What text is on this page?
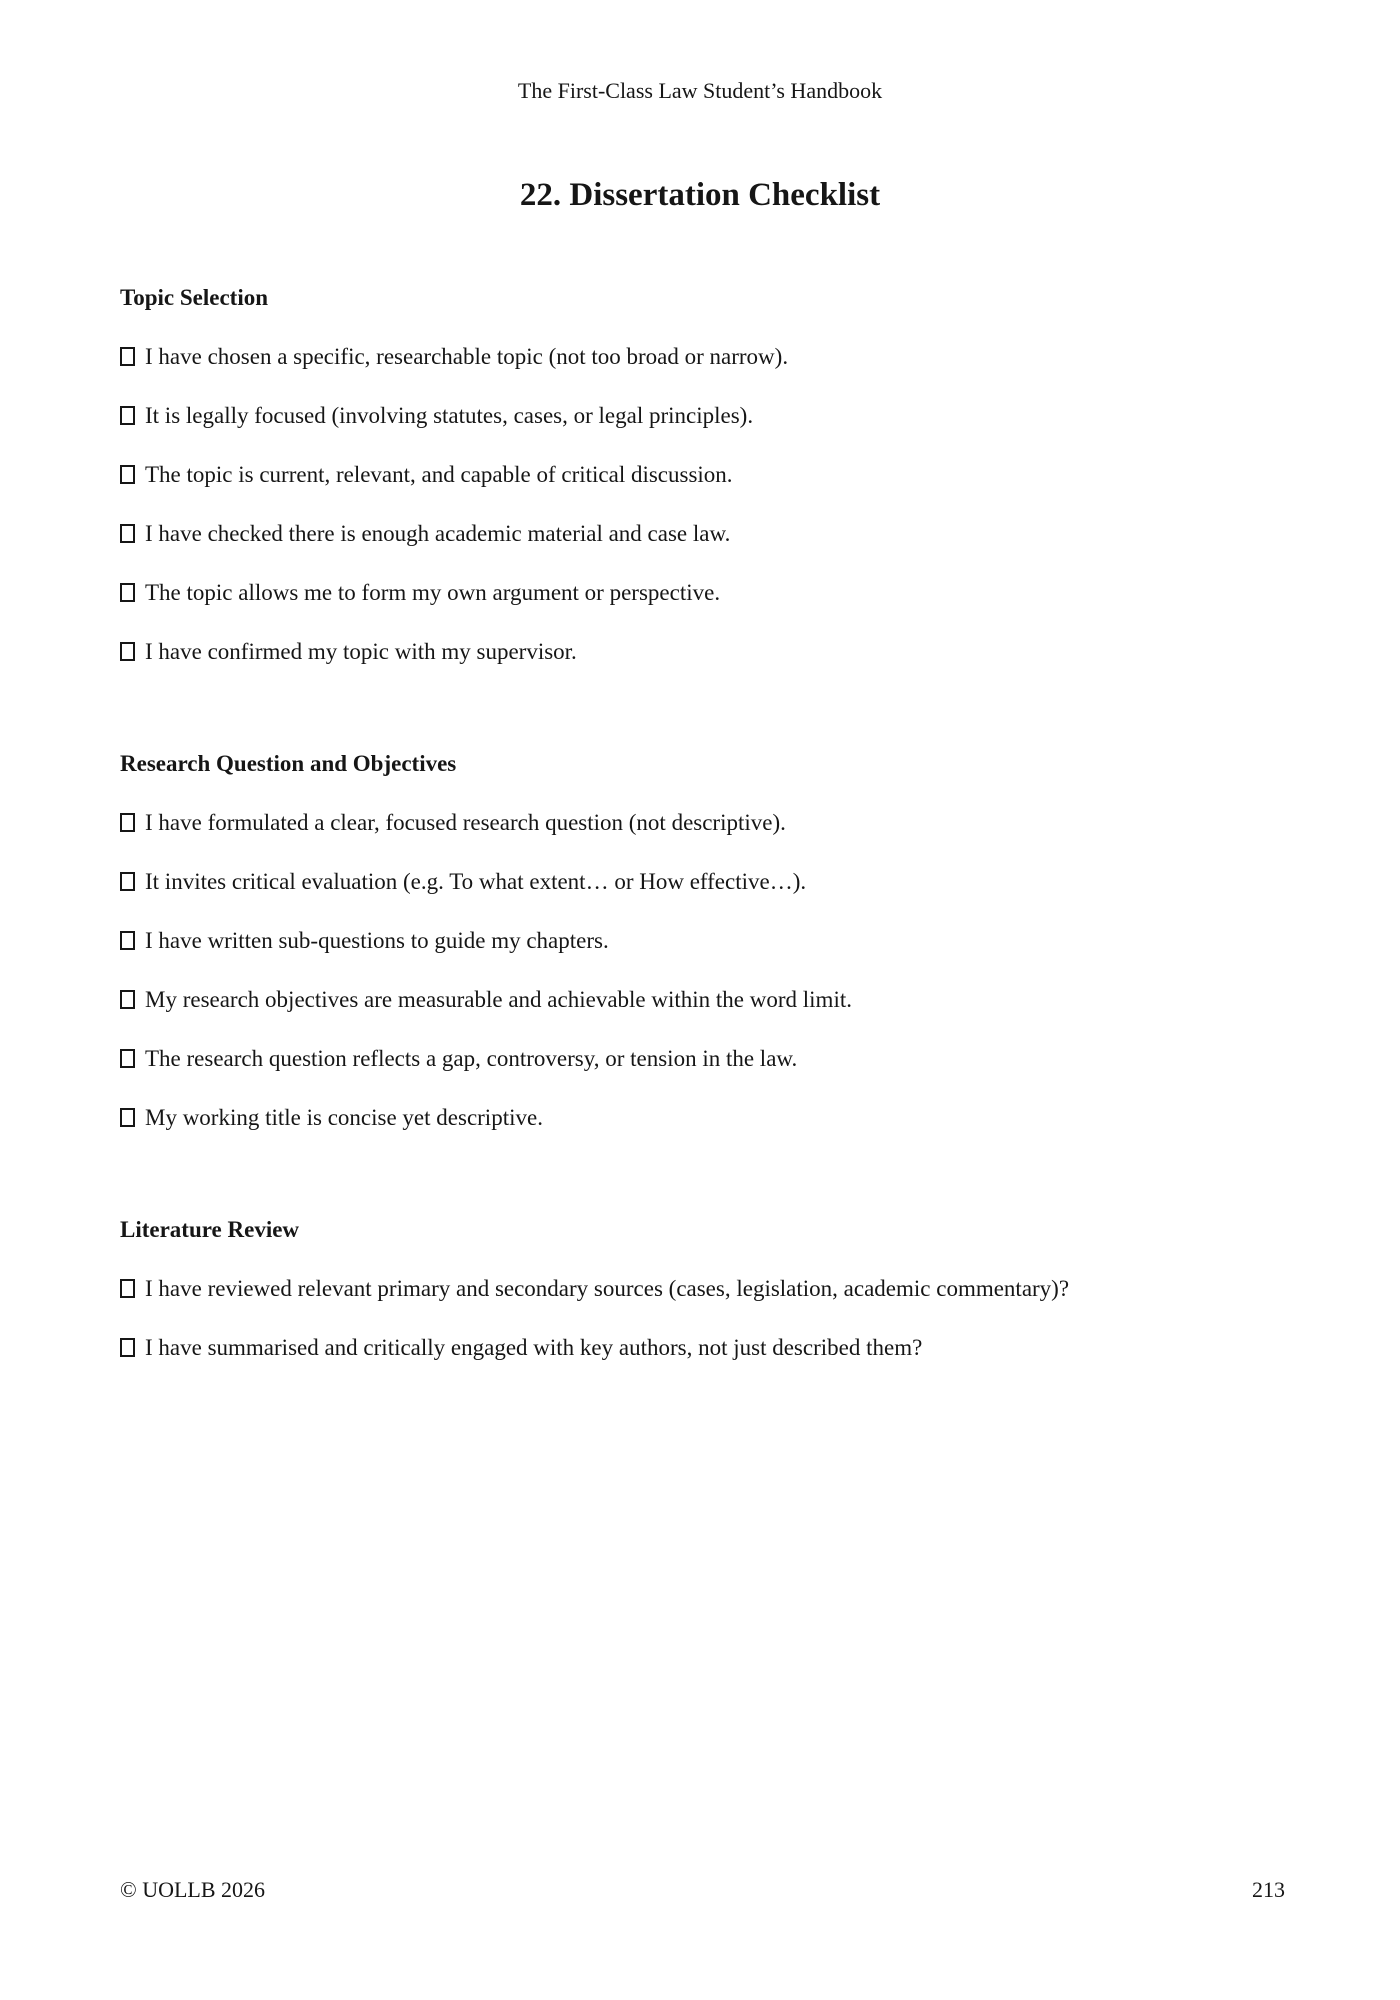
The First-Class Law Student’s Handbook
22. Dissertation Checklist
Topic Selection

I have chosen a specific, researchable topic (not too broad or narrow).

It is legally focused (involving statutes, cases, or legal principles).

The topic is current, relevant, and capable of critical discussion.

I have checked there is enough academic material and case law.

The topic allows me to form my own argument or perspective.

I have confirmed my topic with my supervisor.

Research Question and Objectives

I have formulated a clear, focused research question (not descriptive).

It invites critical evaluation (e.g. To what extent… or How effective…).

I have written sub-questions to guide my chapters.

My research objectives are measurable and achievable within the word limit.

The research question reflects a gap, controversy, or tension in the law.

My working title is concise yet descriptive.

Literature Review

I have reviewed relevant primary and secondary sources (cases, legislation, academic commentary)?

I have summarised and critically engaged with key authors, not just described them?

© UOLLB 2026	213
